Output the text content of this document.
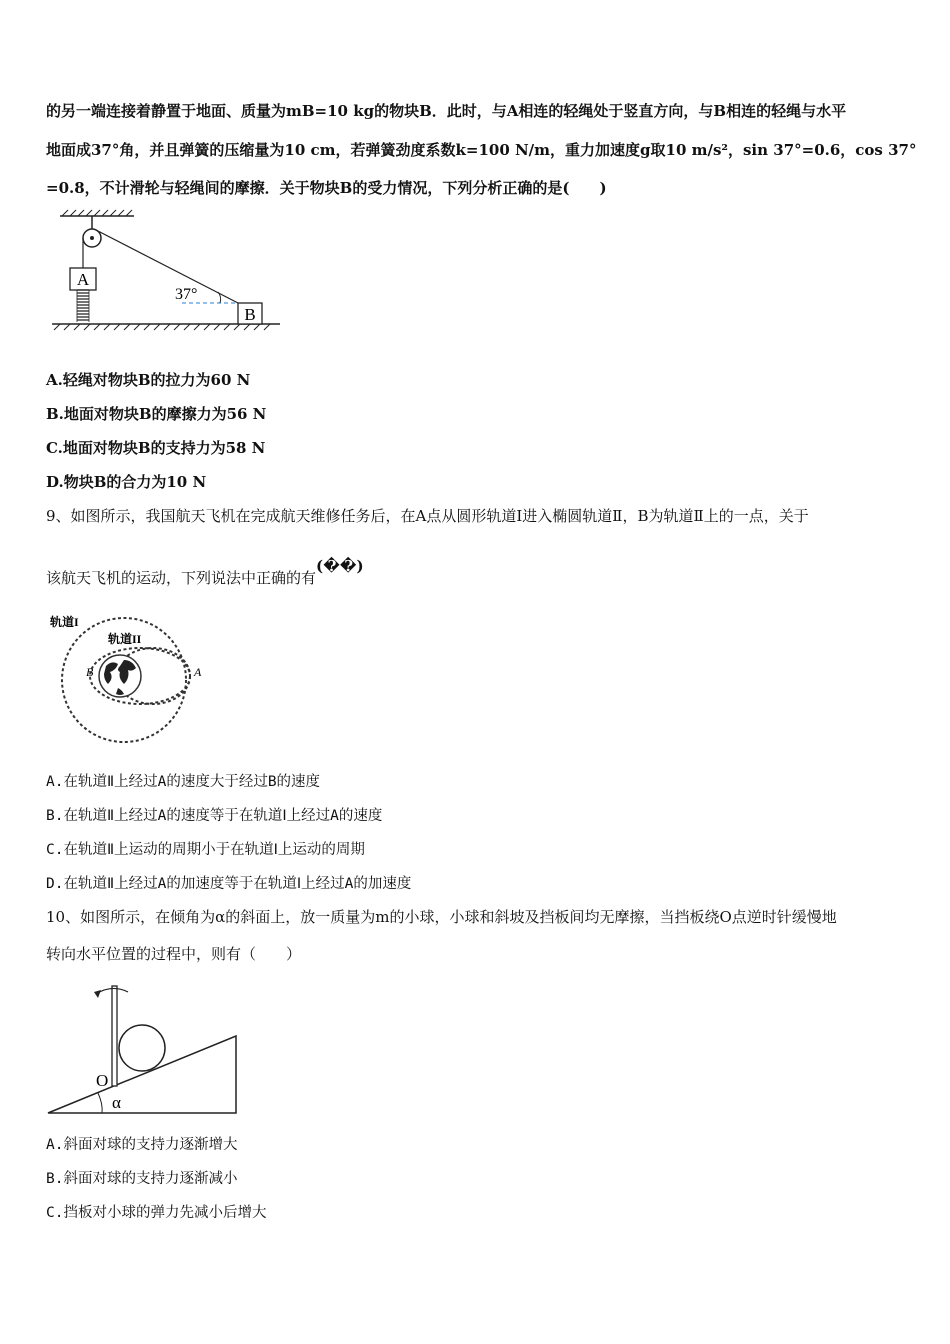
的另一端连接着静置于地面、质量为mB=10 kg的物块B．此时，与A相连的轻绳处于竖直方向，与B相连的轻绳与水平
地面成37°角，并且弹簧的压缩量为10 cm，若弹簧劲度系数k=100 N/m，重力加速度g取10 m/s²，sin 37°=0.6，cos 37°
=0.8，不计滑轮与轻绳间的摩擦．关于物块B的受力情况，下列分析正确的是(　　)
A
37°
B
A.轻绳对物块B的拉力为60 N
B.地面对物块B的摩擦力为56 N
C.地面对物块B的支持力为58 N
D.物块B的合力为10 N
9、如图所示，我国航天飞机在完成航天维修任务后，在A点从圆形轨道Ⅰ进入椭圆轨道Ⅱ，B为轨道Ⅱ上的一点，关于
该航天飞机的运动，下列说法中正确的有(��)
轨道I
轨道II
A
B
A.在轨道Ⅱ上经过A的速度大于经过B的速度
B.在轨道Ⅱ上经过A的速度等于在轨道Ⅰ上经过A的速度
C.在轨道Ⅱ上运动的周期小于在轨道Ⅰ上运动的周期
D.在轨道Ⅱ上经过A的加速度等于在轨道Ⅰ上经过A的加速度
10、如图所示，在倾角为α的斜面上，放一质量为m的小球，小球和斜坡及挡板间均无摩擦，当挡板绕O点逆时针缓慢地
转向水平位置的过程中，则有（　　）
O
α
A.斜面对球的支持力逐渐增大
B.斜面对球的支持力逐渐减小
C.挡板对小球的弹力先减小后增大
